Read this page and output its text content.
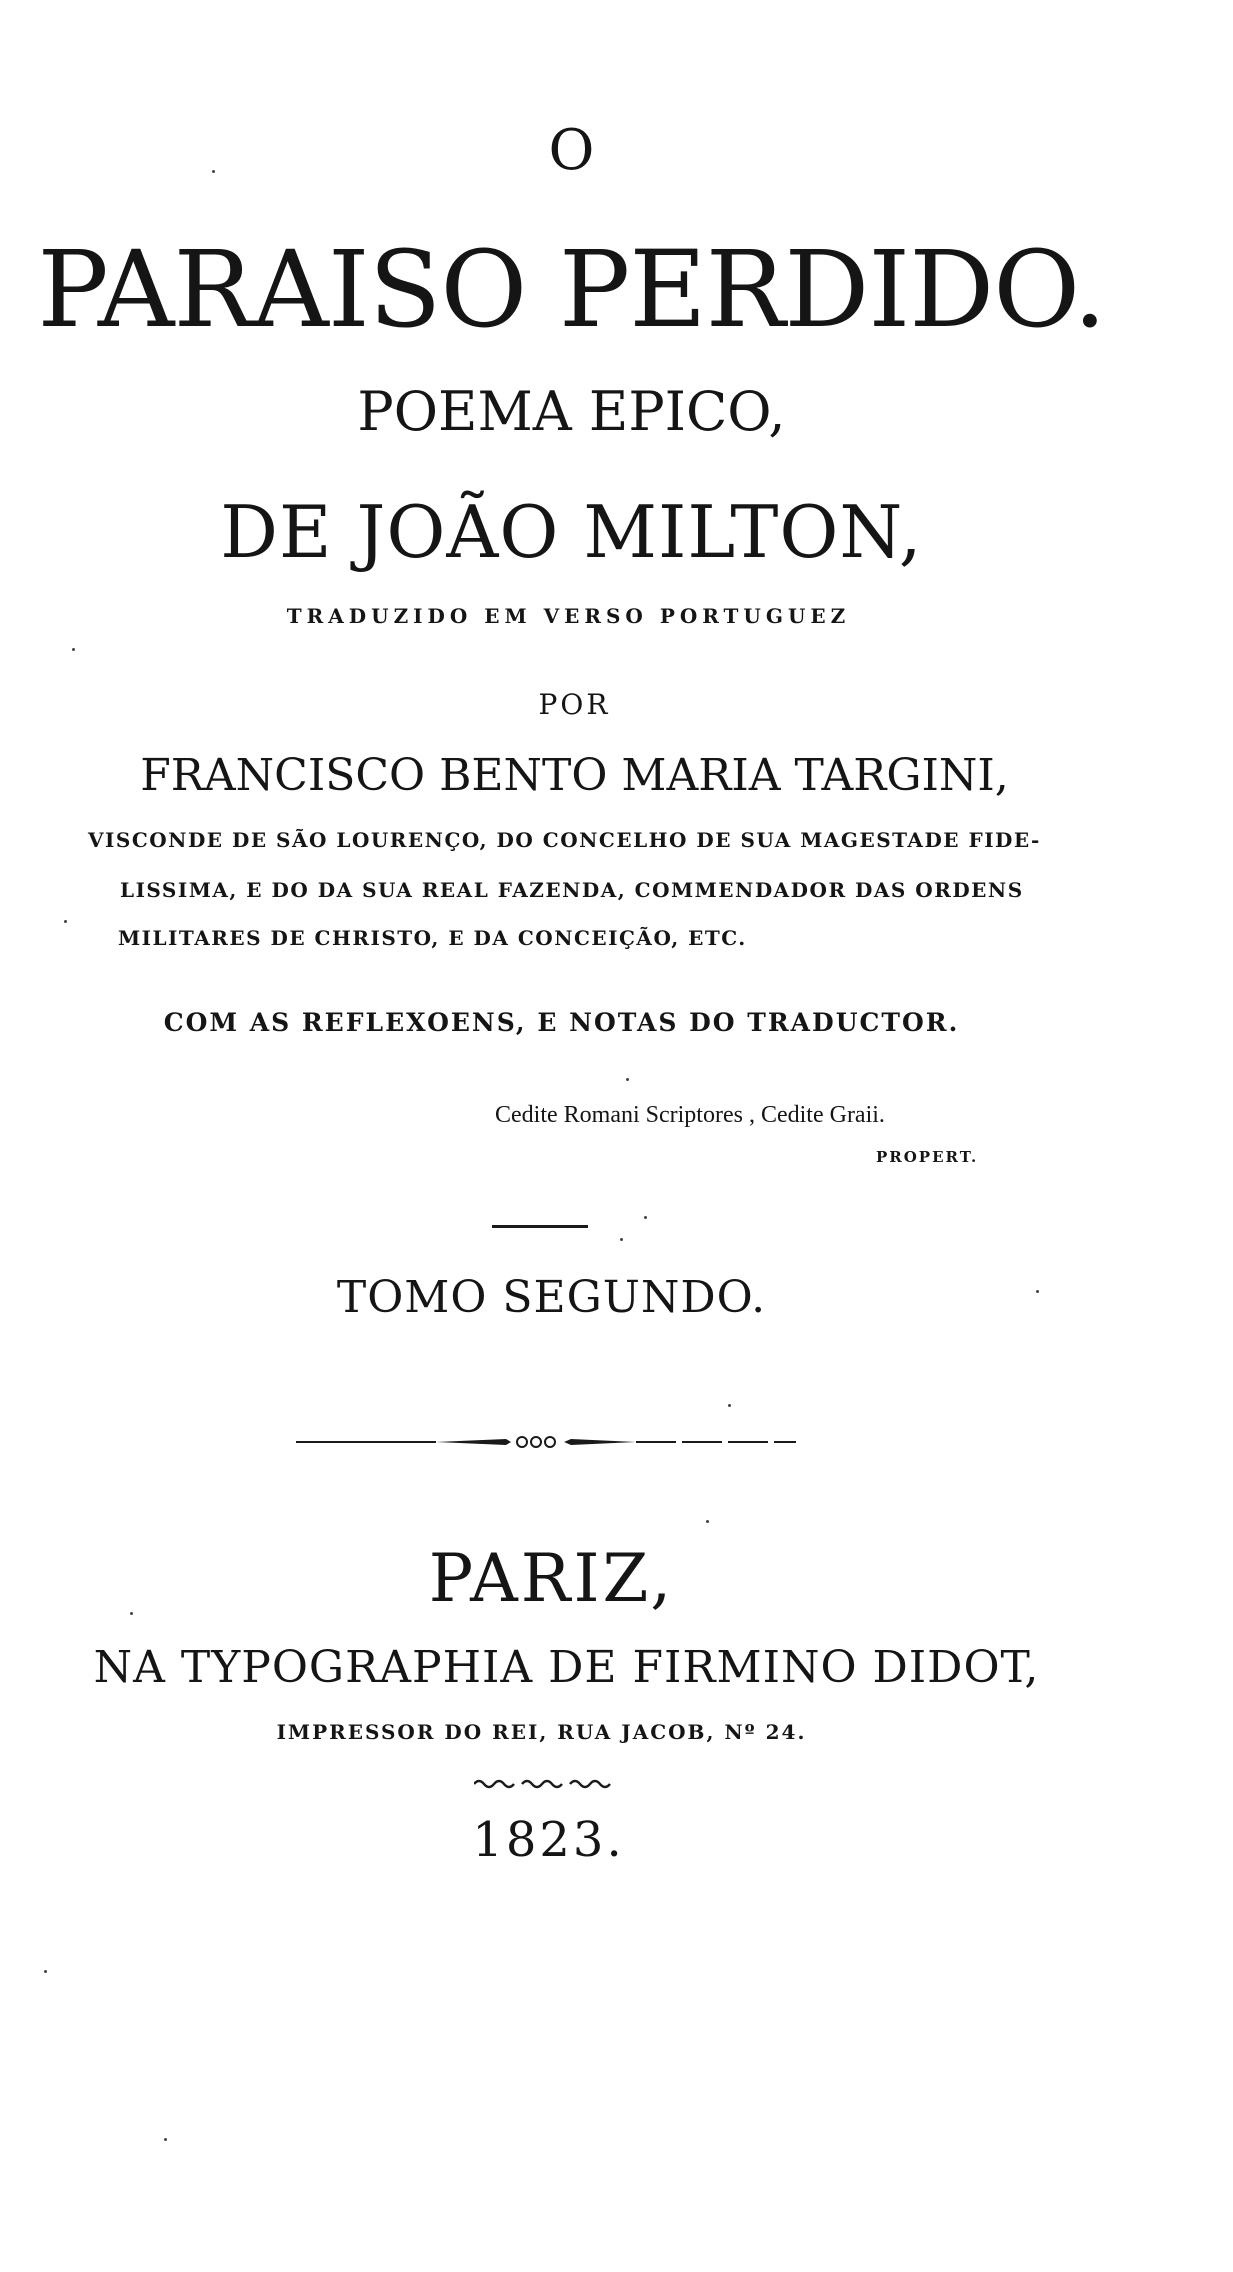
O
PARAISO PERDIDO.
POEMA EPICO,
DE JOÃO MILTON,
TRADUZIDO EM VERSO PORTUGUEZ
POR
FRANCISCO BENTO MARIA TARGINI,
VISCONDE DE SÃO LOURENÇO, DO CONCELHO DE SUA MAGESTADE FIDE-
LISSIMA, E DO DA SUA REAL FAZENDA, COMMENDADOR DAS ORDENS
MILITARES DE CHRISTO, E DA CONCEIÇÃO, ETC.
COM AS REFLEXOENS, E NOTAS DO TRADUCTOR.
Cedite Romani Scriptores , Cedite Graii.
PROPERT.
TOMO SEGUNDO.
PARIZ,
NA TYPOGRAPHIA DE FIRMINO DIDOT,
IMPRESSOR DO REI, RUA JACOB, Nº 24.
1823.
